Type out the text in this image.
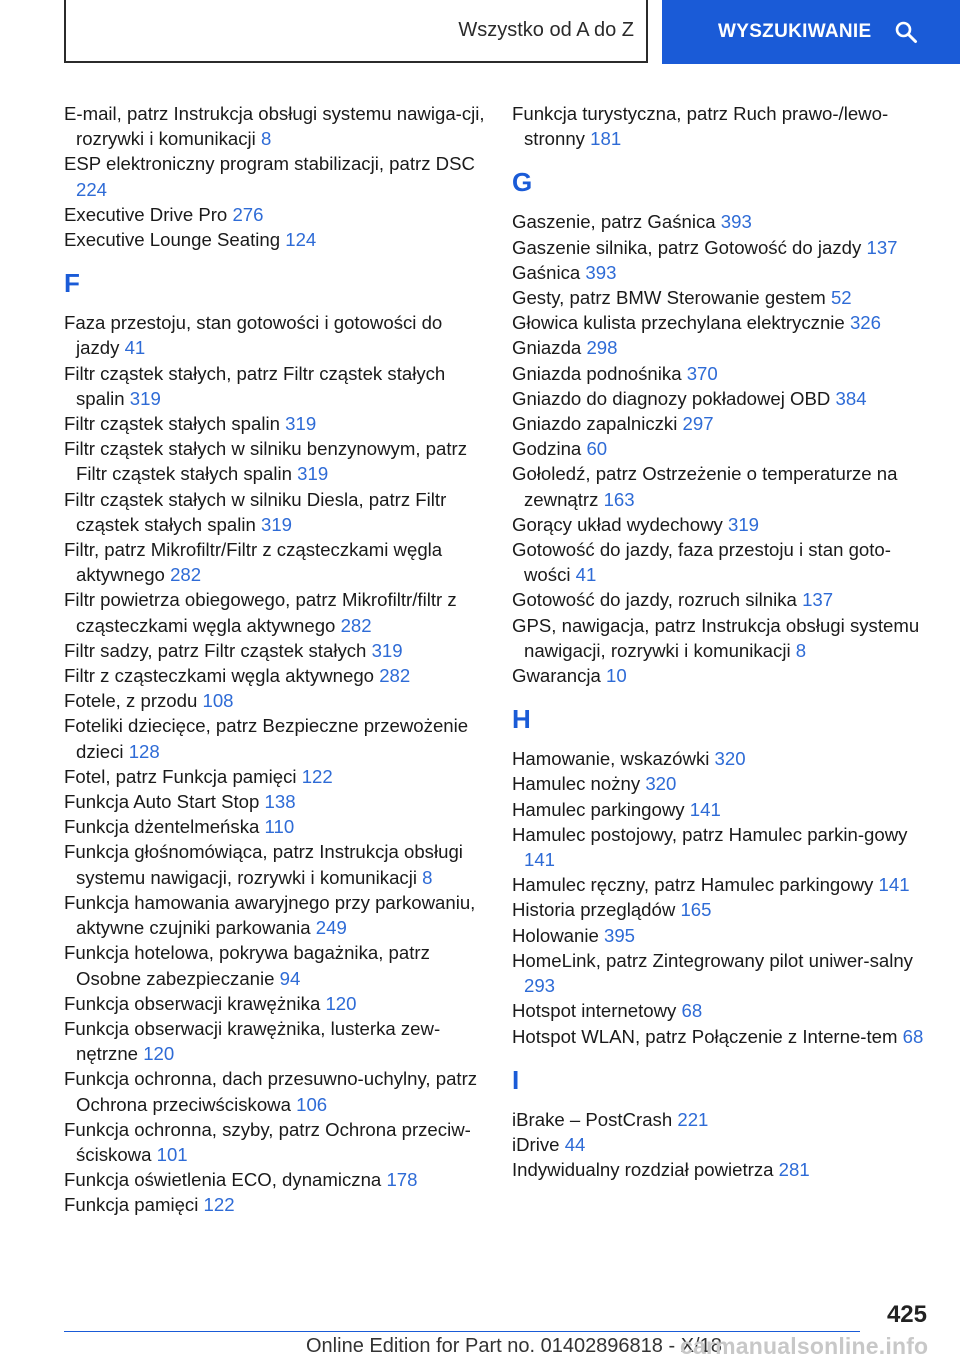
Wszystko od A do Z	WYSZUKIWANIE
E-mail, patrz Instrukcja obsługi systemu nawiga-cji, rozrywki i komunikacji 8
ESP elektroniczny program stabilizacji, patrz DSC 224
Executive Drive Pro 276
Executive Lounge Seating 124
F
Faza przestoju, stan gotowości i gotowości do jazdy 41
Filtr cząstek stałych, patrz Filtr cząstek stałych spalin 319
Filtr cząstek stałych spalin 319
Filtr cząstek stałych w silniku benzynowym, patrz Filtr cząstek stałych spalin 319
Filtr cząstek stałych w silniku Diesla, patrz Filtr cząstek stałych spalin 319
Filtr, patrz Mikrofiltr/Filtr z cząsteczkami węgla aktywnego 282
Filtr powietrza obiegowego, patrz Mikrofiltr/filtr z cząsteczkami węgla aktywnego 282
Filtr sadzy, patrz Filtr cząstek stałych 319
Filtr z cząsteczkami węgla aktywnego 282
Fotele, z przodu 108
Foteliki dziecięce, patrz Bezpieczne przewożenie dzieci 128
Fotel, patrz Funkcja pamięci 122
Funkcja Auto Start Stop 138
Funkcja dżentelmeńska 110
Funkcja głośnomówiąca, patrz Instrukcja obsługi systemu nawigacji, rozrywki i komunikacji 8
Funkcja hamowania awaryjnego przy parkowaniu, aktywne czujniki parkowania 249
Funkcja hotelowa, pokrywa bagażnika, patrz Osobne zabezpieczanie 94
Funkcja obserwacji krawężnika 120
Funkcja obserwacji krawężnika, lusterka zew-nętrzne 120
Funkcja ochronna, dach przesuwno-uchylny, patrz Ochrona przeciwściskowa 106
Funkcja ochronna, szyby, patrz Ochrona przeciw-ściskowa 101
Funkcja oświetlenia ECO, dynamiczna 178
Funkcja pamięci 122
Funkcja turystyczna, patrz Ruch prawo-/lewo-stronny 181
G
Gaszenie, patrz Gaśnica 393
Gaszenie silnika, patrz Gotowość do jazdy 137
Gaśnica 393
Gesty, patrz BMW Sterowanie gestem 52
Głowica kulista przechylana elektrycznie 326
Gniazda 298
Gniazda podnośnika 370
Gniazdo do diagnozy pokładowej OBD 384
Gniazdo zapalniczki 297
Godzina 60
Gołoledź, patrz Ostrzeżenie o temperaturze na zewnątrz 163
Gorący układ wydechowy 319
Gotowość do jazdy, faza przestoju i stan goto-wości 41
Gotowość do jazdy, rozruch silnika 137
GPS, nawigacja, patrz Instrukcja obsługi systemu nawigacji, rozrywki i komunikacji 8
Gwarancja 10
H
Hamowanie, wskazówki 320
Hamulec nożny 320
Hamulec parkingowy 141
Hamulec postojowy, patrz Hamulec parkin-gowy 141
Hamulec ręczny, patrz Hamulec parkingowy 141
Historia przeglądów 165
Holowanie 395
HomeLink, patrz Zintegrowany pilot uniwer-salny 293
Hotspot internetowy 68
Hotspot WLAN, patrz Połączenie z Interne-tem 68
I
iBrake – PostCrash 221
iDrive 44
Indywidualny rozdział powietrza 281
425
Online Edition for Part no. 01402896818 - X/18
carmanualsonline.info
